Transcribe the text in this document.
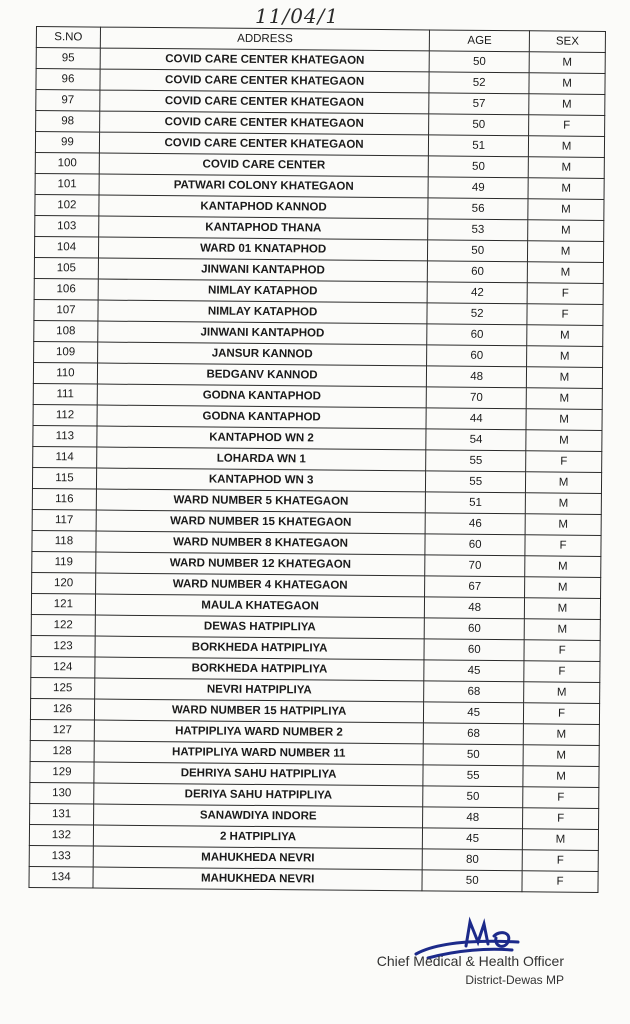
11/04/1
S.NO	ADDRESS	AGE	SEX
95	COVID CARE CENTER KHATEGAON	50	M
96	COVID CARE CENTER KHATEGAON	52	M
97	COVID CARE CENTER KHATEGAON	57	M
98	COVID CARE CENTER KHATEGAON	50	F
99	COVID CARE CENTER KHATEGAON	51	M
100	COVID CARE CENTER	50	M
101	PATWARI COLONY KHATEGAON	49	M
102	KANTAPHOD KANNOD	56	M
103	KANTAPHOD THANA	53	M
104	WARD 01 KNATAPHOD	50	M
105	JINWANI KANTAPHOD	60	M
106	NIMLAY KATAPHOD	42	F
107	NIMLAY KATAPHOD	52	F
108	JINWANI KANTAPHOD	60	M
109	JANSUR KANNOD	60	M
110	BEDGANV KANNOD	48	M
111	GODNA KANTAPHOD	70	M
112	GODNA KANTAPHOD	44	M
113	KANTAPHOD WN 2	54	M
114	LOHARDA WN 1	55	F
115	KANTAPHOD WN 3	55	M
116	WARD NUMBER 5 KHATEGAON	51	M
117	WARD NUMBER 15 KHATEGAON	46	M
118	WARD NUMBER 8 KHATEGAON	60	F
119	WARD NUMBER 12 KHATEGAON	70	M
120	WARD NUMBER 4 KHATEGAON	67	M
121	MAULA KHATEGAON	48	M
122	DEWAS HATPIPLIYA	60	M
123	BORKHEDA HATPIPLIYA	60	F
124	BORKHEDA HATPIPLIYA	45	F
125	NEVRI HATPIPLIYA	68	M
126	WARD NUMBER 15 HATPIPLIYA	45	F
127	HATPIPLIYA WARD NUMBER 2	68	M
128	HATPIPLIYA WARD NUMBER 11	50	M
129	DEHRIYA SAHU HATPIPLIYA	55	M
130	DERIYA SAHU HATPIPLIYA	50	F
131	SANAWDIYA INDORE	48	F
132	2 HATPIPLIYA	45	M
133	MAHUKHEDA NEVRI	80	F
134	MAHUKHEDA NEVRI	50	F
Chief Medical & Health Officer
District-Dewas MP
